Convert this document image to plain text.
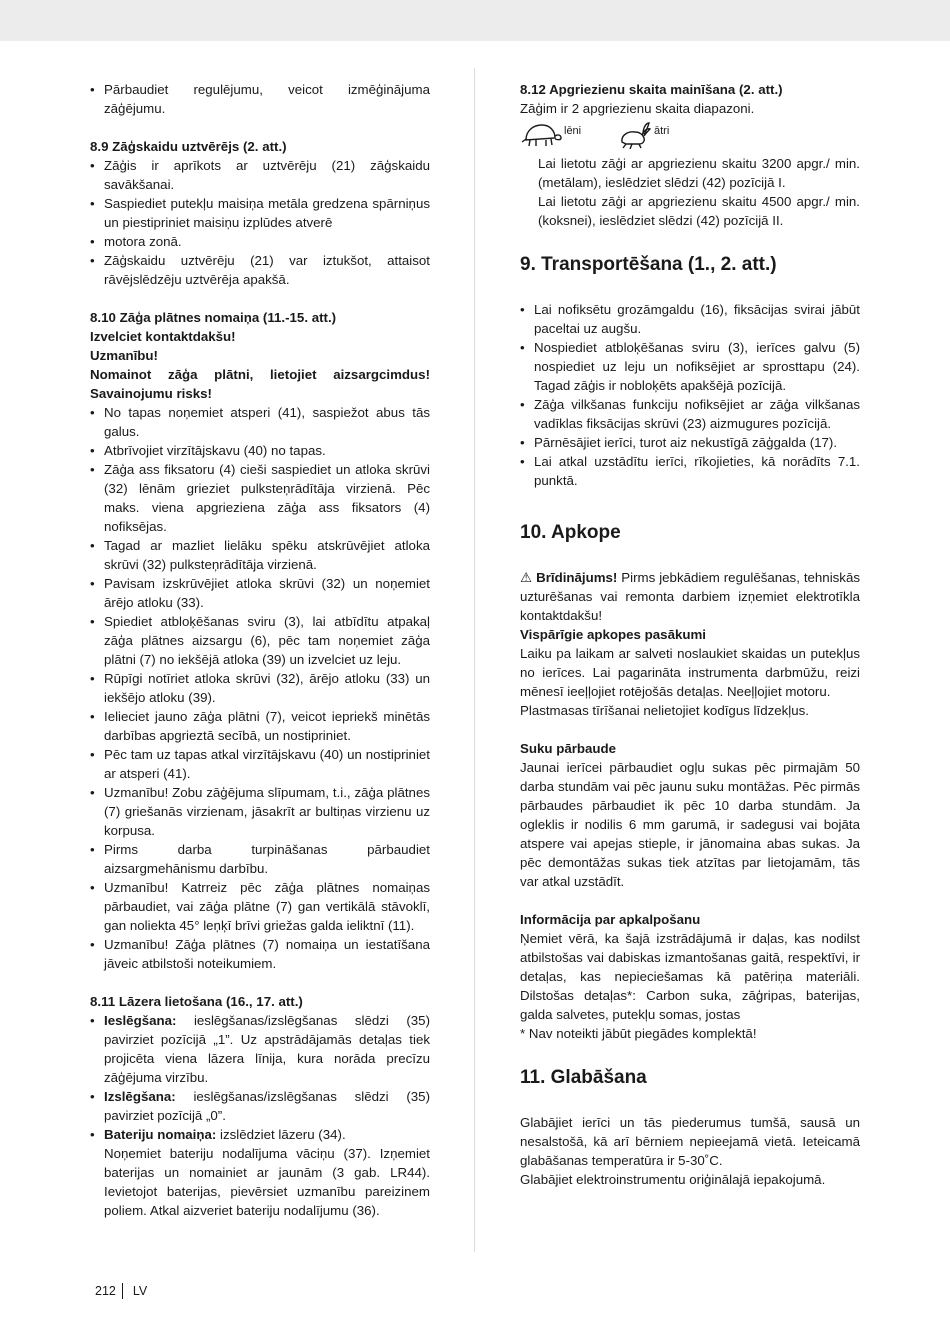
• Pārbaudiet regulējumu, veicot izmēģinājuma zāģējumu.

8.9 Zāģskaidu uztvērējs (2. att.)

• Zāģis ir aprīkots ar uztvērēju (21) zāģskaidu savākšanai.
• Saspiediet putekļu maisiņa metāla gredzena spārniņus un piestipriniet maisiņu izplūdes atverē
• motora zonā.
• Zāģskaidu uztvērēju (21) var iztukšot, attaisot rāvējslēdzēju uztvērēja apakšā.

8.10 Zāģa plātnes nomaiņa (11.-15. att.)

Izvelciet kontaktdakšu!

Uzmanību!

Nomainot zāģa plātni, lietojiet aizsargcimdus! Savainojumu risks!

• No tapas noņemiet atsperi (41), saspiežot abus tās galus.
• Atbrīvojiet virzītājskavu (40) no tapas.
• Zāģa ass fiksatoru (4) cieši saspiediet un atloka skrūvi (32) lēnām grieziet pulksteņrādītāja virzienā. Pēc maks. viena apgrieziena zāģa ass fiksators (4) nofiksējas.
• Tagad ar mazliet lielāku spēku atskrūvējiet atloka skrūvi (32) pulksteņrādītāja virzienā.
• Pavisam izskrūvējiet atloka skrūvi (32) un noņemiet ārējo atloku (33).
• Spiediet atbloķēšanas sviru (3), lai atbīdītu atpakaļ zāģa plātnes aizsargu (6), pēc tam noņemiet zāģa plātni (7) no iekšējā atloka (39) un izvelciet uz leju.
• Rūpīgi notīriet atloka skrūvi (32), ārējo atloku (33) un iekšējo atloku (39).
• Ielieciet jauno zāģa plātni (7), veicot iepriekš minētās darbības apgrieztā secībā, un nostipriniet.
• Pēc tam uz tapas atkal virzītājskavu (40) un nostipriniet ar atsperi (41).
• Uzmanību! Zobu zāģējuma slīpumam, t.i., zāģa plātnes (7) griešanās virzienam, jāsakrīt ar bultiņas virzienu uz korpusa.
• Pirms darba turpināšanas pārbaudiet aizsargmehānismu darbību.
• Uzmanību! Katrreiz pēc zāģa plātnes nomaiņas pārbaudiet, vai zāģa plātne (7) gan vertikālā stāvoklī, gan noliekta 45° leņķī brīvi griežas galda ieliktnī (11).
• Uzmanību! Zāģa plātnes (7) nomaiņa un iestatīšana jāveic atbilstoši noteikumiem.

8.11 Lāzera lietošana (16., 17. att.)

• Ieslēgšana: ieslēgšanas/izslēgšanas slēdzi (35) pavirziet pozīcijā „1”. Uz apstrādājamās detaļas tiek projicēta viena lāzera līnija, kura norāda precīzu zāģējuma virzību.
• Izslēgšana: ieslēgšanas/izslēgšanas slēdzi (35) pavirziet pozīcijā „0”.
• Bateriju nomaiņa: izslēdziet lāzeru (34).

Noņemiet bateriju nodalījuma vāciņu (37). Izņemiet baterijas un nomainiet ar jaunām (3 gab. LR44). Ievietojot baterijas, pievērsiet uzmanību pareizinem poliem. Atkal aizveriet bateriju nodalījumu (36).

8.12 Apgriezienu skaita mainīšana (2. att.)

Zāģim ir 2 apgriezienu skaita diapazoni.

lēni	ātri

Lai lietotu zāģi ar apgriezienu skaitu 3200 apgr./ min. (metālam), ieslēdziet slēdzi (42) pozīcijā I.

Lai lietotu zāģi ar apgriezienu skaitu 4500 apgr./ min. (koksnei), ieslēdziet slēdzi (42) pozīcijā II.

9. Transportēšana (1., 2. att.)
• Lai nofiksētu grozāmgaldu (16), fiksācijas svirai jābūt paceltai uz augšu.
• Nospiediet atbloķēšanas sviru (3), ierīces galvu (5) nospiediet uz leju un nofiksējiet ar sprosttapu (24). Tagad zāģis ir nobloķēts apakšējā pozīcijā.
• Zāģa vilkšanas funkciju nofiksējiet ar zāģa vilkšanas vadīklas fiksācijas skrūvi (23) aizmugures pozīcijā.
• Pārnēsājiet ierīci, turot aiz nekustīgā zāģgalda (17).
• Lai atkal uzstādītu ierīci, rīkojieties, kā norādīts 7.1. punktā.
10. Apkope

⚠ Brīdinājums! Pirms jebkādiem regulēšanas, tehniskās uzturēšanas vai remonta darbiem izņemiet elektrotīkla kontaktdakšu!

Vispārīgie apkopes pasākumi

Laiku pa laikam ar salveti noslaukiet skaidas un putekļus no ierīces. Lai pagarināta instrumenta darbmūžu, reizi mēnesī ieeļļojiet rotējošās detaļas. Neeļļojiet motoru.

Plastmasas tīrīšanai nelietojiet kodīgus līdzekļus.

Suku pārbaude

Jaunai ierīcei pārbaudiet ogļu sukas pēc pirmajām 50 darba stundām vai pēc jaunu suku montāžas. Pēc pirmās pārbaudes pārbaudiet ik pēc 10 darba stundām. Ja ogleklis ir nodilis 6 mm garumā, ir sadegusi vai bojāta atspere vai apejas stieple, ir jānomaina abas sukas. Ja pēc demontāžas sukas tiek atzītas par lietojamām, tās var atkal uzstādīt.

Informācija par apkalpošanu

Ņemiet vērā, ka šajā izstrādājumā ir daļas, kas nodilst atbilstošas vai dabiskas izmantošanas gaitā, respektīvi, ir detaļas, kas nepieciešamas kā patēriņa materiāli. Dilstošas detaļas*: Carbon suka, zāģripas, baterijas, galda salvetes, putekļu somas, jostas

* Nav noteikti jābūt piegādes komplektā!

11. Glabāšana

Glabājiet ierīci un tās piederumus tumšā, sausā un nesalstošā, kā arī bērniem nepieejamā vietā. Ieteicamā glabāšanas temperatūra ir 5-30˚C.

Glabājiet elektroinstrumentu oriģinālajā iepakojumā.

212 LV
